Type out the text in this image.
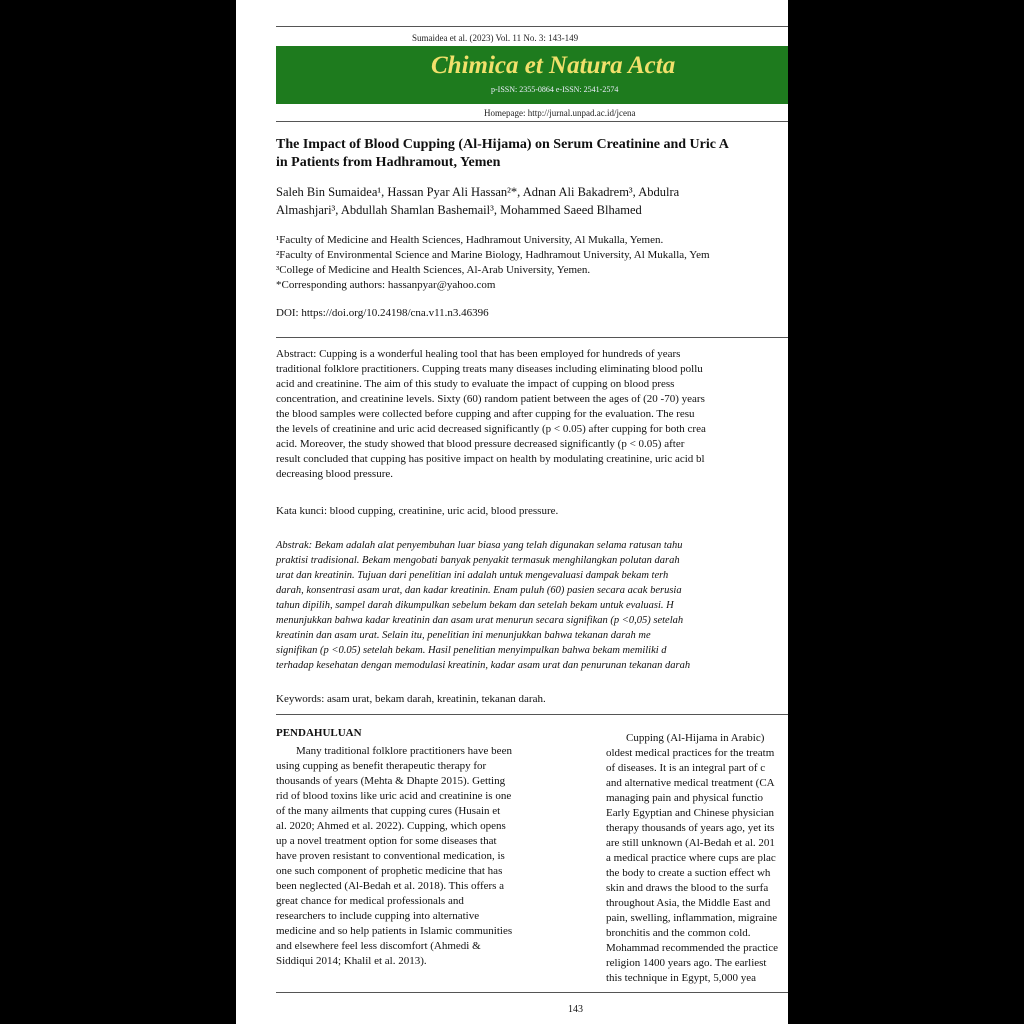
Sumaidea et al. (2023) Vol. 11 No. 3: 143-149
Chimica et Natura Acta
p-ISSN: 2355-0864 e-ISSN: 2541-2574
Homepage: http://jurnal.unpad.ac.id/jcena
The Impact of Blood Cupping (Al-Hijama) on Serum Creatinine and Uric A
in Patients from Hadhramout, Yemen
Saleh Bin Sumaidea¹, Hassan Pyar Ali Hassan²*, Adnan Ali Bakadrem³, Abdulra
Almashjari³, Abdullah Shamlan Bashemail³, Mohammed Saeed Blhamed
¹Faculty of Medicine and Health Sciences, Hadhramout University, Al Mukalla, Yemen.
²Faculty of Environmental Science and Marine Biology, Hadhramout University, Al Mukalla, Yem
³College of Medicine and Health Sciences, Al-Arab University, Yemen.
*Corresponding authors: hassanpyar@yahoo.com
DOI: https://doi.org/10.24198/cna.v11.n3.46396
Abstract: Cupping is a wonderful healing tool that has been employed for hundreds of years
traditional folklore practitioners. Cupping treats many diseases including eliminating blood pollu
acid and creatinine. The aim of this study to evaluate the impact of cupping on blood press
concentration, and creatinine levels. Sixty (60) random patient between the ages of (20 -70) years
the blood samples were collected before cupping and after cupping for the evaluation. The resu
the levels of creatinine and uric acid decreased significantly (p < 0.05) after cupping for both crea
acid. Moreover, the study showed that blood pressure decreased significantly (p < 0.05) after
result concluded that cupping has positive impact on health by modulating creatinine, uric acid bl
decreasing blood pressure.
Kata kunci: blood cupping, creatinine, uric acid, blood pressure.
Abstrak: Bekam adalah alat penyembuhan luar biasa yang telah digunakan selama ratusan tahu
praktisi tradisional. Bekam mengobati banyak penyakit termasuk menghilangkan polutan darah
urat dan kreatinin. Tujuan dari penelitian ini adalah untuk mengevaluasi dampak bekam terh
darah, konsentrasi asam urat, dan kadar kreatinin. Enam puluh (60) pasien secara acak berusia
tahun dipilih, sampel darah dikumpulkan sebelum bekam dan setelah bekam untuk evaluasi. H
menunjukkan bahwa kadar kreatinin dan asam urat menurun secara signifikan (p <0,05) setelah
kreatinin dan asam urat. Selain itu, penelitian ini menunjukkan bahwa tekanan darah me
signifikan (p <0.05) setelah bekam. Hasil penelitian menyimpulkan bahwa bekam memiliki d
terhadap kesehatan dengan memodulasi kreatinin, kadar asam urat dan penurunan tekanan darah
Keywords: asam urat, bekam darah, kreatinin, tekanan darah.
PENDAHULUAN
Many traditional folklore practitioners have been
using cupping as benefit therapeutic therapy for
thousands of years (Mehta & Dhapte 2015). Getting
rid of blood toxins like uric acid and creatinine is one
of the many ailments that cupping cures (Husain et
al. 2020; Ahmed et al. 2022). Cupping, which opens
up a novel treatment option for some diseases that
have proven resistant to conventional medication, is
one such component of prophetic medicine that has
been neglected (Al-Bedah et al. 2018). This offers a
great chance for medical professionals and
researchers to include cupping into alternative
medicine and so help patients in Islamic communities
and elsewhere feel less discomfort (Ahmedi &
Siddiqui 2014; Khalil et al. 2013).
Cupping (Al-Hijama in Arabic)
oldest medical practices for the treatm
of diseases. It is an integral part of c
and alternative medical treatment (CA
managing pain and physical functio
Early Egyptian and Chinese physician
therapy thousands of years ago, yet its
are still unknown (Al-Bedah et al. 201
a medical practice where cups are plac
the body to create a suction effect wh
skin and draws the blood to the surfa
throughout Asia, the Middle East and
pain, swelling, inflammation, migraine
bronchitis and the common cold.
Mohammad recommended the practice
religion 1400 years ago. The earliest
this technique in Egypt, 5,000 yea
143
